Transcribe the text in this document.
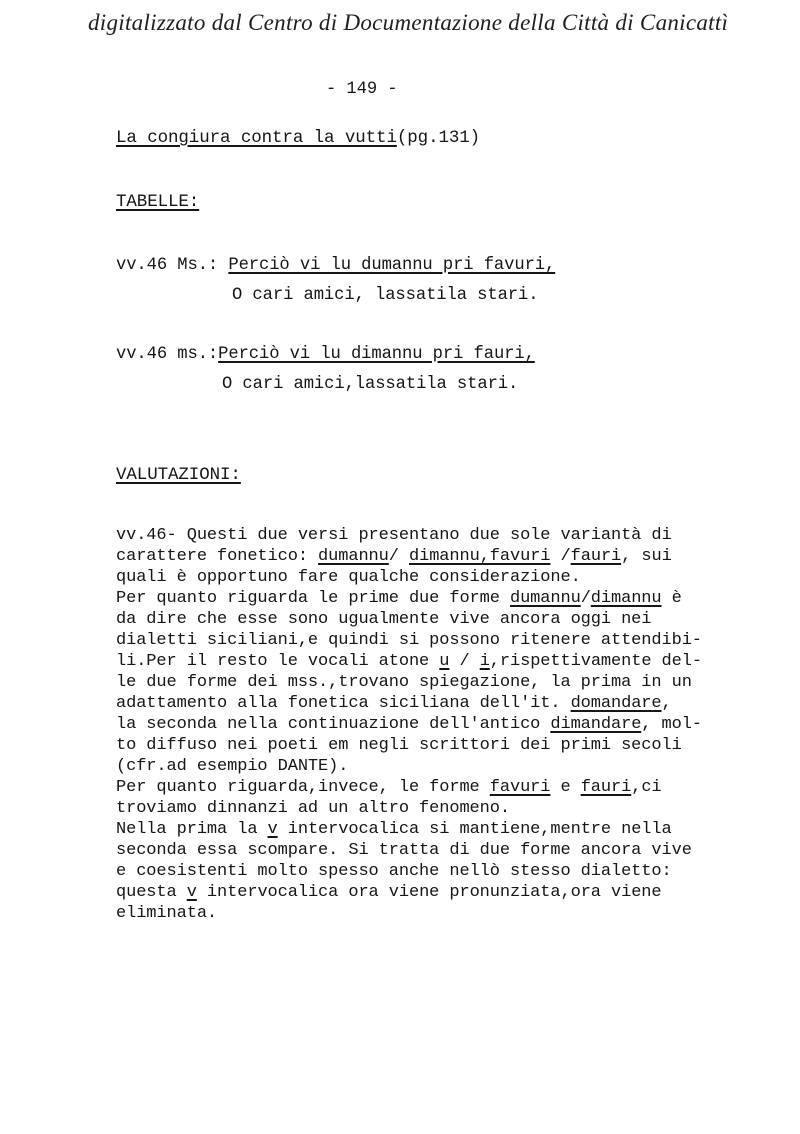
digitalizzato dal Centro di Documentazione della Città di Canicattì
- 149 -
La congiura contra la vutti(pg.131)
TABELLE:
vv.46 Ms.: Perciò vi lu dumannu pri favuri,
O cari amici, lassatila stari.
vv.46 ms.:Perciò vi lu dimannu pri fauri,
O cari amici,lassatila stari.
VALUTAZIONI:
vv.46- Questi due versi presentano due sole variantà di
carattere fonetico: dumannu/ dimannu,favuri /fauri, sui
quali è opportuno fare qualche considerazione.
Per quanto riguarda le prime due forme dumannu/dimannu è
da dire che esse sono ugualmente vive ancora oggi nei
dialetti siciliani,e quindi si possono ritenere attendibi-
li.Per il resto le vocali atone u / i,rispettivamente del-
le due forme dei mss.,trovano spiegazione, la prima in un
adattamento alla fonetica siciliana dell'it. domandare,
la seconda nella continuazione dell'antico dimandare, mol-
to diffuso nei poeti em negli scrittori dei primi secoli
(cfr.ad esempio DANTE).
Per quanto riguarda,invece, le forme favuri e fauri,ci
troviamo dinnanzi ad un altro fenomeno.
Nella prima la v intervocalica si mantiene,mentre nella
seconda essa scompare. Si tratta di due forme ancora vive
e coesistenti molto spesso anche nellò stesso dialetto:
questa v intervocalica ora viene pronunziata,ora viene
eliminata.
